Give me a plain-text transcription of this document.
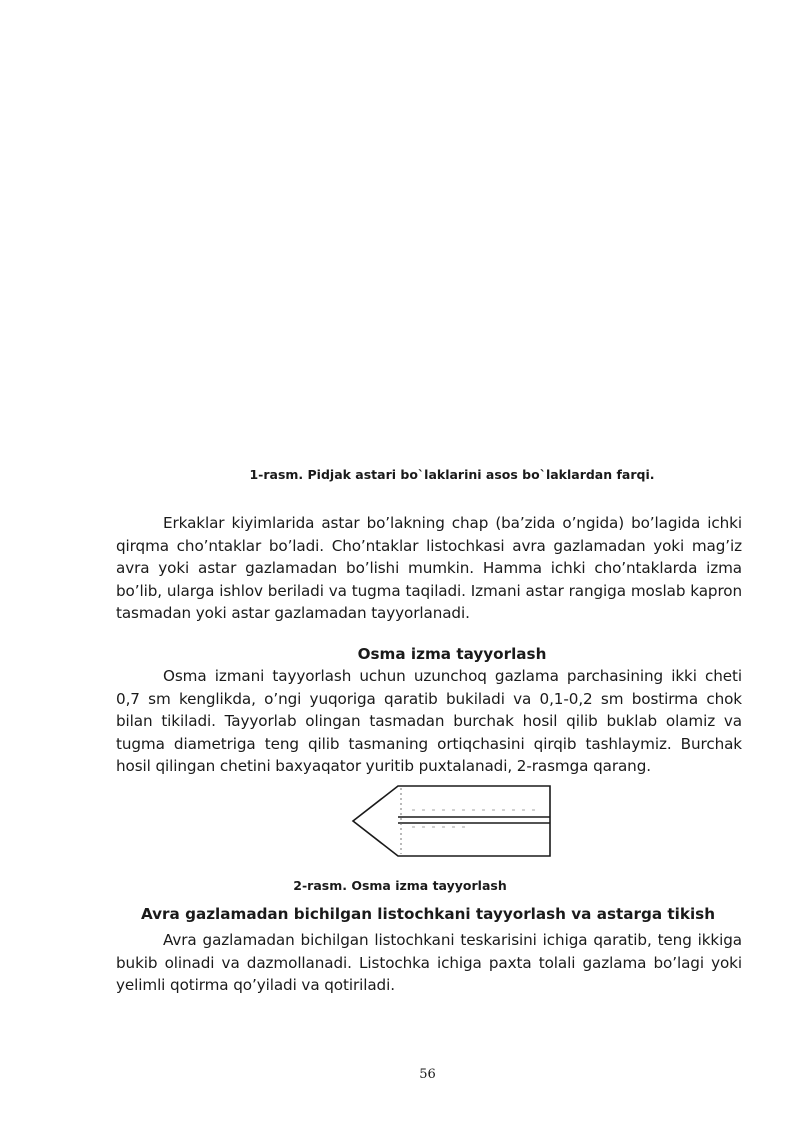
1-rasm. Pidjak astari bo`laklarini asos bo`laklardan farqi.

Erkaklar kiyimlarida astar bo’lakning chap (ba’zida o’ngida) bo’lagida ichki qirqma cho’ntaklar bo’ladi. Cho’ntaklar listochkasi avra gazlamadan yoki mag’iz avra yoki astar gazlamadan bo’lishi mumkin. Hamma ichki cho’ntaklarda izma bo’lib, ularga ishlov beriladi va tugma taqiladi. Izmani astar rangiga moslab kapron tasmadan yoki astar gazlamadan tayyorlanadi.

Osma izma tayyorlash

Osma izmani tayyorlash uchun uzunchoq gazlama parchasining ikki cheti 0,7 sm kenglikda, o’ngi yuqoriga qaratib bukiladi va 0,1-0,2 sm bostirma chok bilan tikiladi. Tayyorlab olingan tasmadan burchak hosil qilib buklab olamiz va tugma diametriga teng qilib tasmaning ortiqchasini qirqib tashlaymiz. Burchak hosil qilingan chetini baxyaqator yuritib puxtalanadi, 2-rasmga qarang.

2-rasm. Osma izma tayyorlash
Avra gazlamadan bichilgan listochkani tayyorlash va astarga tikish

Avra gazlamadan bichilgan listochkani teskarisini ichiga qaratib, teng ikkiga bukib olinadi va dazmollanadi. Listochka ichiga paxta tolali gazlama bo’lagi yoki yelimli qotirma qo’yiladi va qotiriladi.

56
